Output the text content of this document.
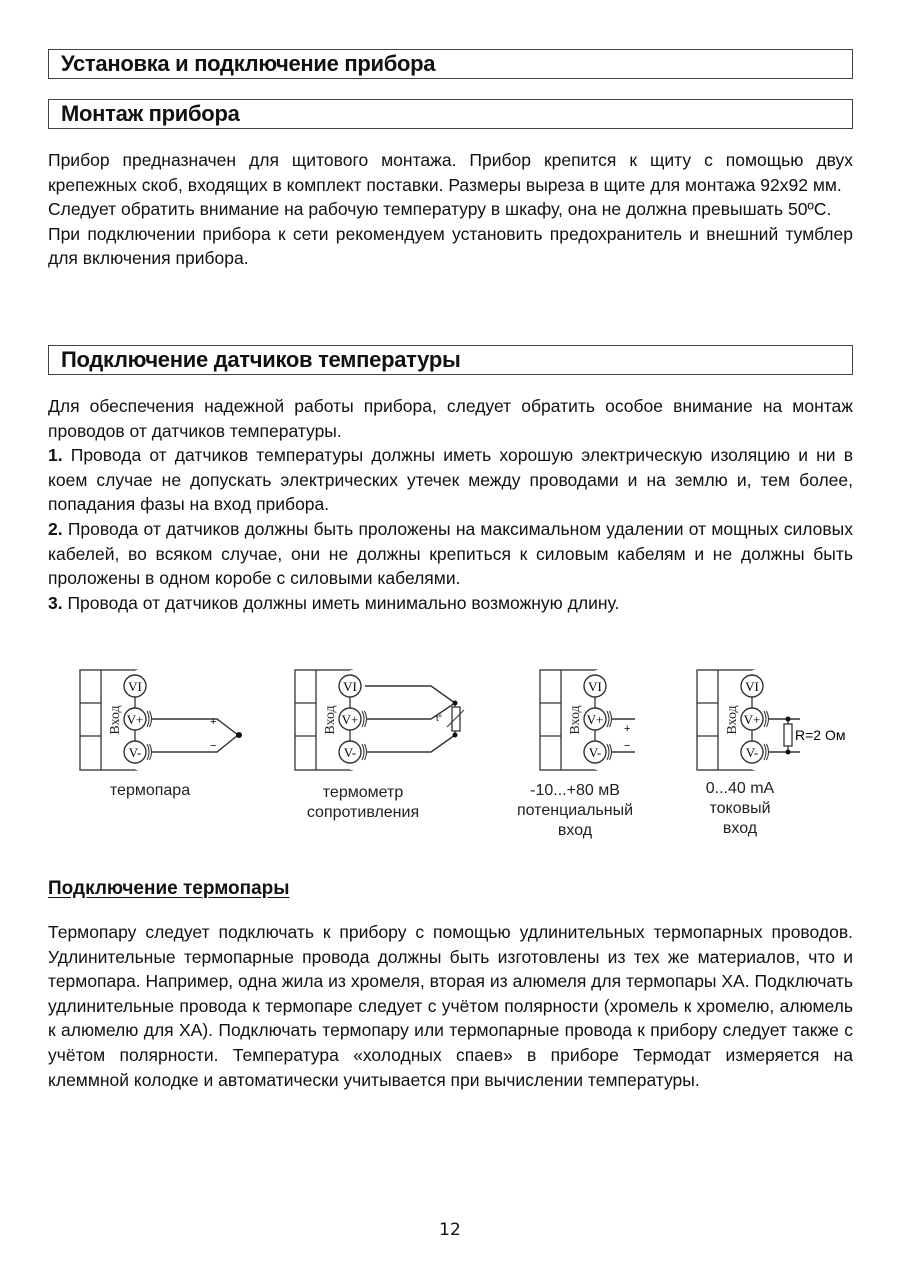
Установка и подключение прибора
Монтаж прибора

Прибор предназначен для щитового монтажа. Прибор крепится к щиту с помощью двух крепежных скоб, входящих в комплект поставки. Размеры выреза в щите для монтажа 92х92 мм.

Следует обратить внимание на рабочую температуру в шкафу, она не должна превышать 50ºС.

При подключении прибора к сети рекомендуем установить предохранитель и внешний тумблер для включения прибора.

Подключение датчиков температуры

Для обеспечения надежной работы прибора, следует обратить особое внимание на монтаж проводов от датчиков температуры.

1. Провода от датчиков температуры должны иметь хорошую электрическую изоляцию и ни в коем случае не допускать электрических утечек между проводами и на землю и, тем более, попадания фазы на вход прибора.

2. Провода от датчиков должны быть проложены на максимальном удалении от мощных силовых кабелей, во всяком случае, они не должны крепиться к силовым кабелям и не должны быть проложены в одном коробе с силовыми кабелями.

3. Провода от датчиков должны иметь минимально возможную длину.

Вход
VI
V+
V-
+
−
Вход
VI
V+
V-
t°	Вход
VI
V+
V-
+
−
Вход
VI
V+
V-
R=2 Ом
термопара	термометр
сопротивления
-10...+80 мВ
потенциальный
вход
0...40 mA
токовый
вход
Подключение термопары

Термопару следует подключать к прибору с помощью удлинительных термопарных проводов. Удлинительные термопарные провода должны быть изготовлены из тех же материалов, что и термопара. Например, одна жила из хромеля, вторая из алюмеля для термопары ХА. Подключать удлинительные провода к термопаре следует с учётом полярности (хромель к хромелю, алюмель к алюмелю для ХА). Подключать термопару или термопарные провода к прибору следует также с учётом полярности. Температура «холодных спаев» в приборе Термодат измеряется на клеммной колодке и автоматически учитывается при вычислении температуры.

12
